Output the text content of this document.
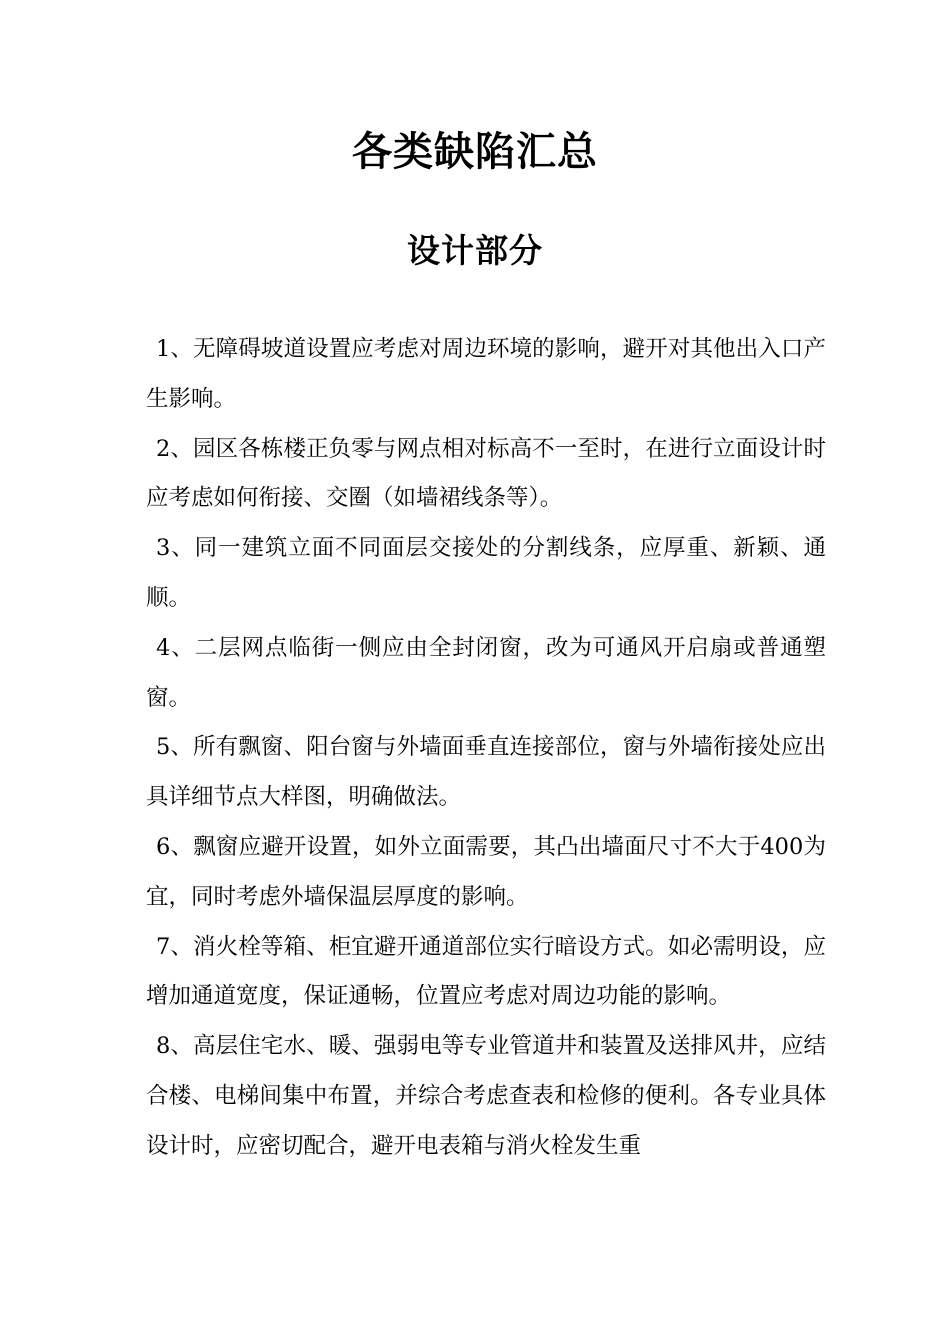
各类缺陷汇总
设计部分

1、无障碍坡道设置应考虑对周边环境的影响，避开对其他出入口产生影响。

2、园区各栋楼正负零与网点相对标高不一至时，在进行立面设计时应考虑如何衔接、交圈（如墙裙线条等）。

3、同一建筑立面不同面层交接处的分割线条，应厚重、新颖、通顺。

4、二层网点临街一侧应由全封闭窗，改为可通风开启扇或普通塑窗。

5、所有飘窗、阳台窗与外墙面垂直连接部位，窗与外墙衔接处应出具详细节点大样图，明确做法。

6、飘窗应避开设置，如外立面需要，其凸出墙面尺寸不大于400为宜，同时考虑外墙保温层厚度的影响。

7、消火栓等箱、柜宜避开通道部位实行暗设方式。如必需明设，应增加通道宽度，保证通畅，位置应考虑对周边功能的影响。

8、高层住宅水、暖、强弱电等专业管道井和装置及送排风井，应结合楼、电梯间集中布置，并综合考虑查表和检修的便利。各专业具体设计时，应密切配合，避开电表箱与消火栓发生重
